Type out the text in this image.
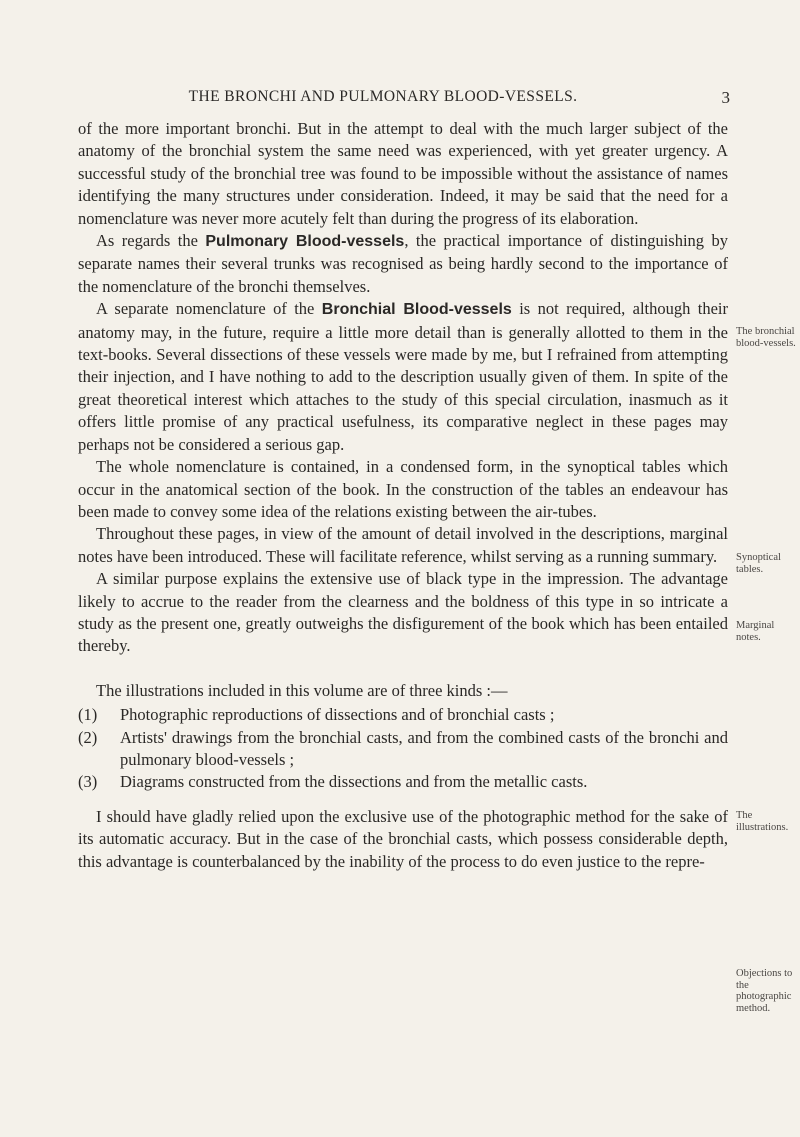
THE BRONCHI AND PULMONARY BLOOD-VESSELS.	3

of the more important bronchi. But in the attempt to deal with the much larger subject of the anatomy of the bronchial system the same need was experienced, with yet greater urgency. A successful study of the bronchial tree was found to be impossible without the assistance of names identifying the many structures under consideration. Indeed, it may be said that the need for a nomenclature was never more acutely felt than during the progress of its elaboration.

As regards the Pulmonary Blood-vessels, the practical importance of distinguishing by separate names their several trunks was recognised as being hardly second to the importance of the nomenclature of the bronchi themselves.

A separate nomenclature of the Bronchial Blood-vessels is not required, although their anatomy may, in the future, require a little more detail than is generally allotted to them in the text-books. Several dissections of these vessels were made by me, but I refrained from attempting their injection, and I have nothing to add to the description usually given of them. In spite of the great theoretical interest which attaches to the study of this special circulation, inasmuch as it offers little promise of any practical usefulness, its comparative neglect in these pages may perhaps not be considered a serious gap.

The whole nomenclature is contained, in a condensed form, in the synoptical tables which occur in the anatomical section of the book. In the construction of the tables an endeavour has been made to convey some idea of the relations existing between the air-tubes.

Throughout these pages, in view of the amount of detail involved in the descriptions, marginal notes have been introduced. These will facilitate reference, whilst serving as a running summary.

A similar purpose explains the extensive use of black type in the impression. The advantage likely to accrue to the reader from the clearness and the boldness of this type in so intricate a study as the present one, greatly outweighs the disfigurement of the book which has been entailed thereby.

The illustrations included in this volume are of three kinds :—

(1) Photographic reproductions of dissections and of bronchial casts ;
(2) Artists' drawings from the bronchial casts, and from the combined casts of the bronchi and pulmonary blood-vessels ;
(3) Diagrams constructed from the dissections and from the metallic casts.

I should have gladly relied upon the exclusive use of the photographic method for the sake of its automatic accuracy. But in the case of the bronchial casts, which possess considerable depth, this advantage is counterbalanced by the inability of the process to do even justice to the repre-

The bronchial blood-vessels.
Synoptical tables.
Marginal notes.
The illustrations.
Objections to the photographic method.
